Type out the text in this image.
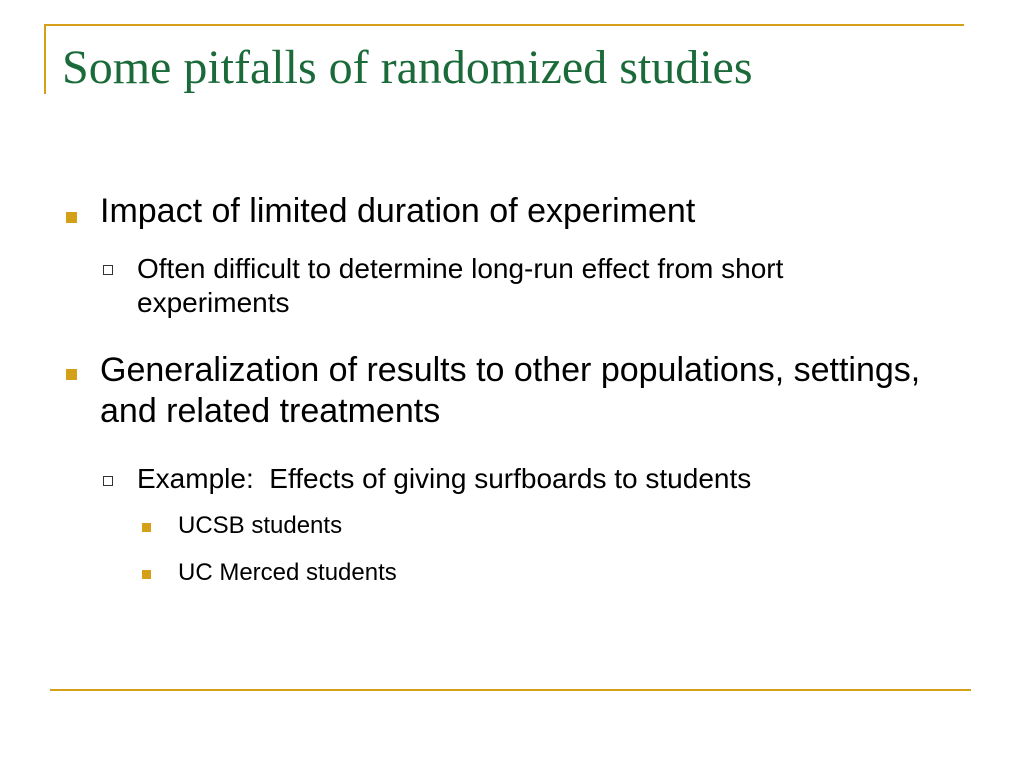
Some pitfalls of randomized studies
Impact of limited duration of experiment
Often difficult to determine long-run effect from short experiments
Generalization of results to other populations, settings, and related treatments
Example:  Effects of giving surfboards to students
UCSB students
UC Merced students
